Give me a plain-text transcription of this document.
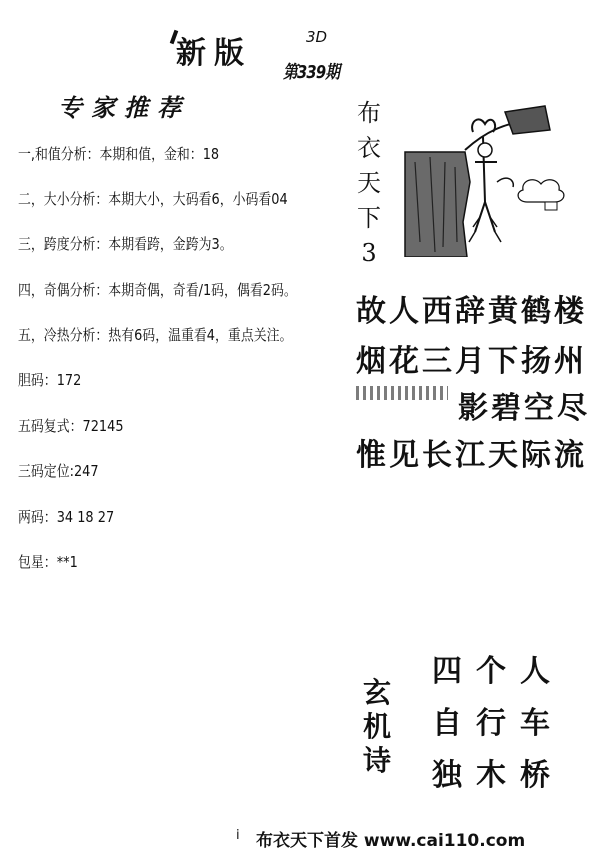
新版	3D
第339期
专家推荐
一,和值分析：本期和值，金和：18
二，大小分析：本期大小，大码看6，小码看04
三，跨度分析：本期看跨，金跨为3。
四，奇偶分析：本期奇偶，奇看/1码，偶看2码。
五，冷热分析：热有6码，温重看4，重点关注。
胆码：172
五码复式：72145
三码定位:247
两码：34 18 27
包星：**1
布
衣
天
下
3
故人西辞黄鹤楼
烟花三月下扬州
影碧空尽
惟见长江天际流
玄
机
诗
四个人
自行车
独木桥
i 布衣天下首发 www.cai110.com
